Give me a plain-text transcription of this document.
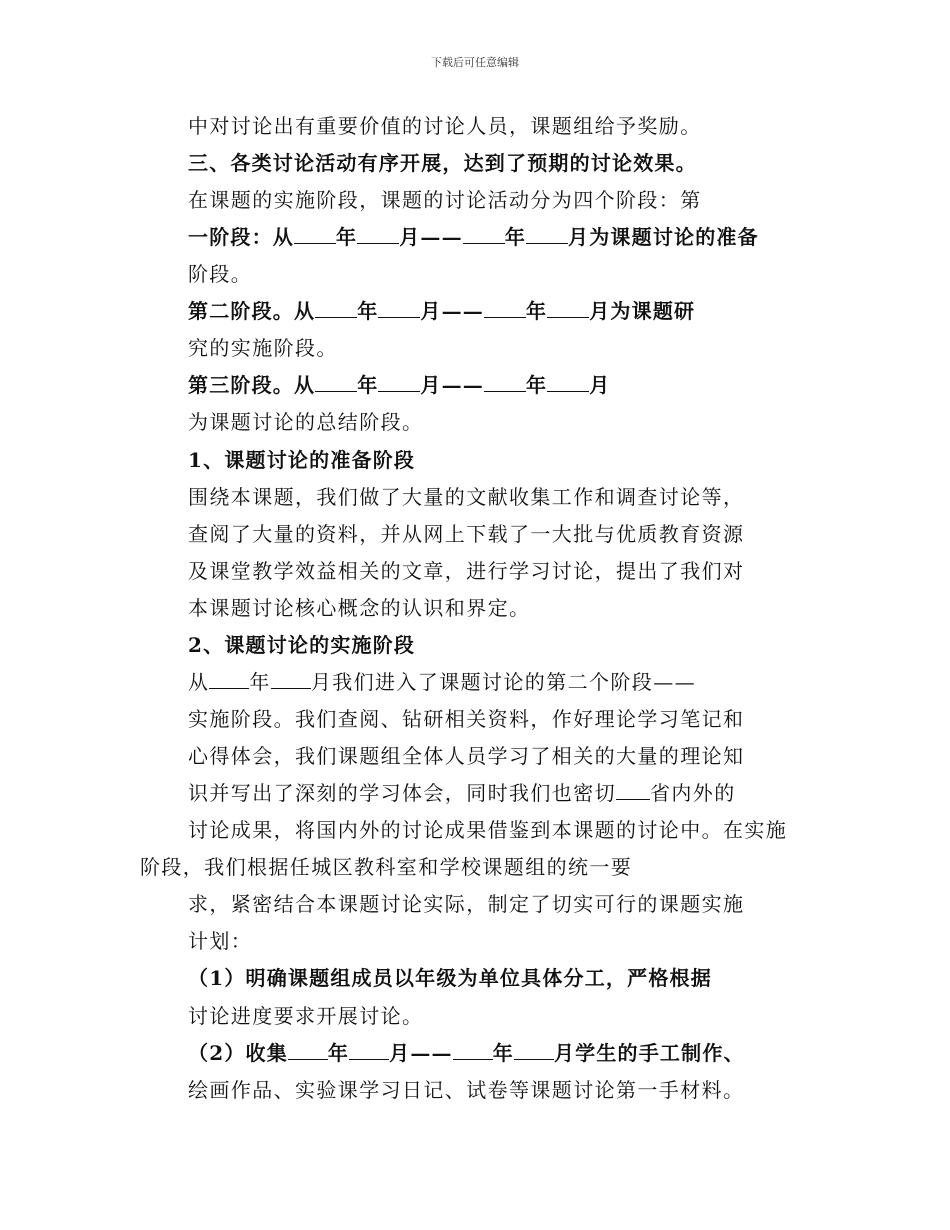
下载后可任意编辑
中对讨论出有重要价值的讨论人员，课题组给予奖励。
三、各类讨论活动有序开展，达到了预期的讨论效果。
在课题的实施阶段，课题的讨论活动分为四个阶段：第
一阶段：从 年 月—— 年 月为课题讨论的准备
阶段。
第二阶段。从 年 月—— 年 月为课题研
究的实施阶段。
第三阶段。从 年 月—— 年 月
为课题讨论的总结阶段。
1、课题讨论的准备阶段
围绕本课题，我们做了大量的文献收集工作和调查讨论等，
查阅了大量的资料，并从网上下载了一大批与优质教育资源
及课堂教学效益相关的文章，进行学习讨论，提出了我们对
本课题讨论核心概念的认识和界定。
2、课题讨论的实施阶段
从 年 月我们进入了课题讨论的第二个阶段——
实施阶段。我们查阅、钻研相关资料，作好理论学习笔记和
心得体会，我们课题组全体人员学习了相关的大量的理论知
识并写出了深刻的学习体会，同时我们也密切 省内外的
讨论成果，将国内外的讨论成果借鉴到本课题的讨论中。在实施
阶段，我们根据任城区教科室和学校课题组的统一要
求，紧密结合本课题讨论实际，制定了切实可行的课题实施
计划：
（1）明确课题组成员以年级为单位具体分工，严格根据
讨论进度要求开展讨论。
（2）收集 年 月—— 年 月学生的手工制作、
绘画作品、实验课学习日记、试卷等课题讨论第一手材料。
